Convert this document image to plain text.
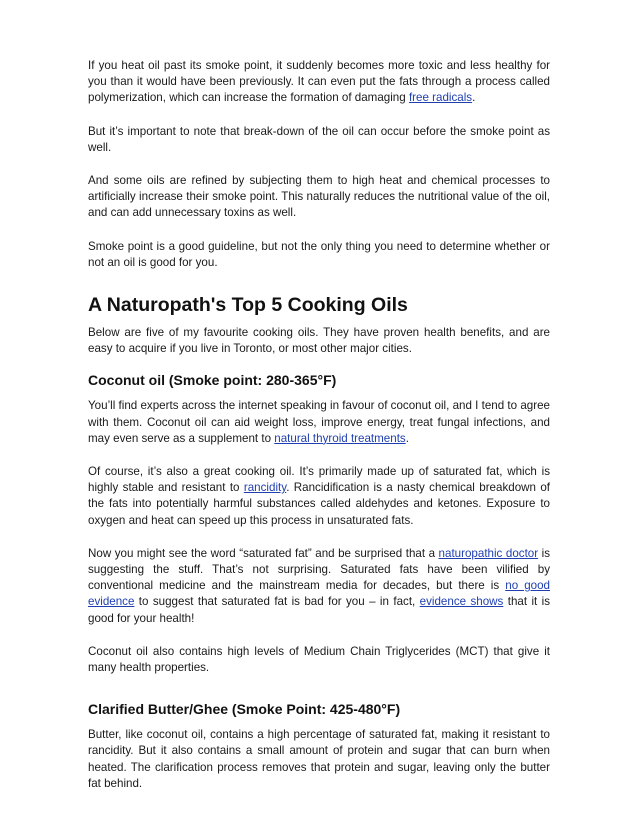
If you heat oil past its smoke point, it suddenly becomes more toxic and less healthy for you than it would have been previously. It can even put the fats through a process called polymerization, which can increase the formation of damaging free radicals.

But it’s important to note that break-down of the oil can occur before the smoke point as well.

And some oils are refined by subjecting them to high heat and chemical processes to artificially increase their smoke point. This naturally reduces the nutritional value of the oil, and can add unnecessary toxins as well.

Smoke point is a good guideline, but not the only thing you need to determine whether or not an oil is good for you.

A Naturopath's Top 5 Cooking Oils

Below are five of my favourite cooking oils. They have proven health benefits, and are easy to acquire if you live in Toronto, or most other major cities.

Coconut oil (Smoke point: 280-365°F)

You’ll find experts across the internet speaking in favour of coconut oil, and I tend to agree with them. Coconut oil can aid weight loss, improve energy, treat fungal infections, and may even serve as a supplement to natural thyroid treatments.

Of course, it’s also a great cooking oil. It’s primarily made up of saturated fat, which is highly stable and resistant to rancidity. Rancidification is a nasty chemical breakdown of the fats into potentially harmful substances called aldehydes and ketones. Exposure to oxygen and heat can speed up this process in unsaturated fats.

Now you might see the word “saturated fat” and be surprised that a naturopathic doctor is suggesting the stuff. That’s not surprising. Saturated fats have been vilified by conventional medicine and the mainstream media for decades, but there is no good evidence to suggest that saturated fat is bad for you – in fact, evidence shows that it is good for your health!

Coconut oil also contains high levels of Medium Chain Triglycerides (MCT) that give it many health properties.

Clarified Butter/Ghee (Smoke Point: 425-480°F)

Butter, like coconut oil, contains a high percentage of saturated fat, making it resistant to rancidity. But it also contains a small amount of protein and sugar that can burn when heated. The clarification process removes that protein and sugar, leaving only the butter fat behind.
